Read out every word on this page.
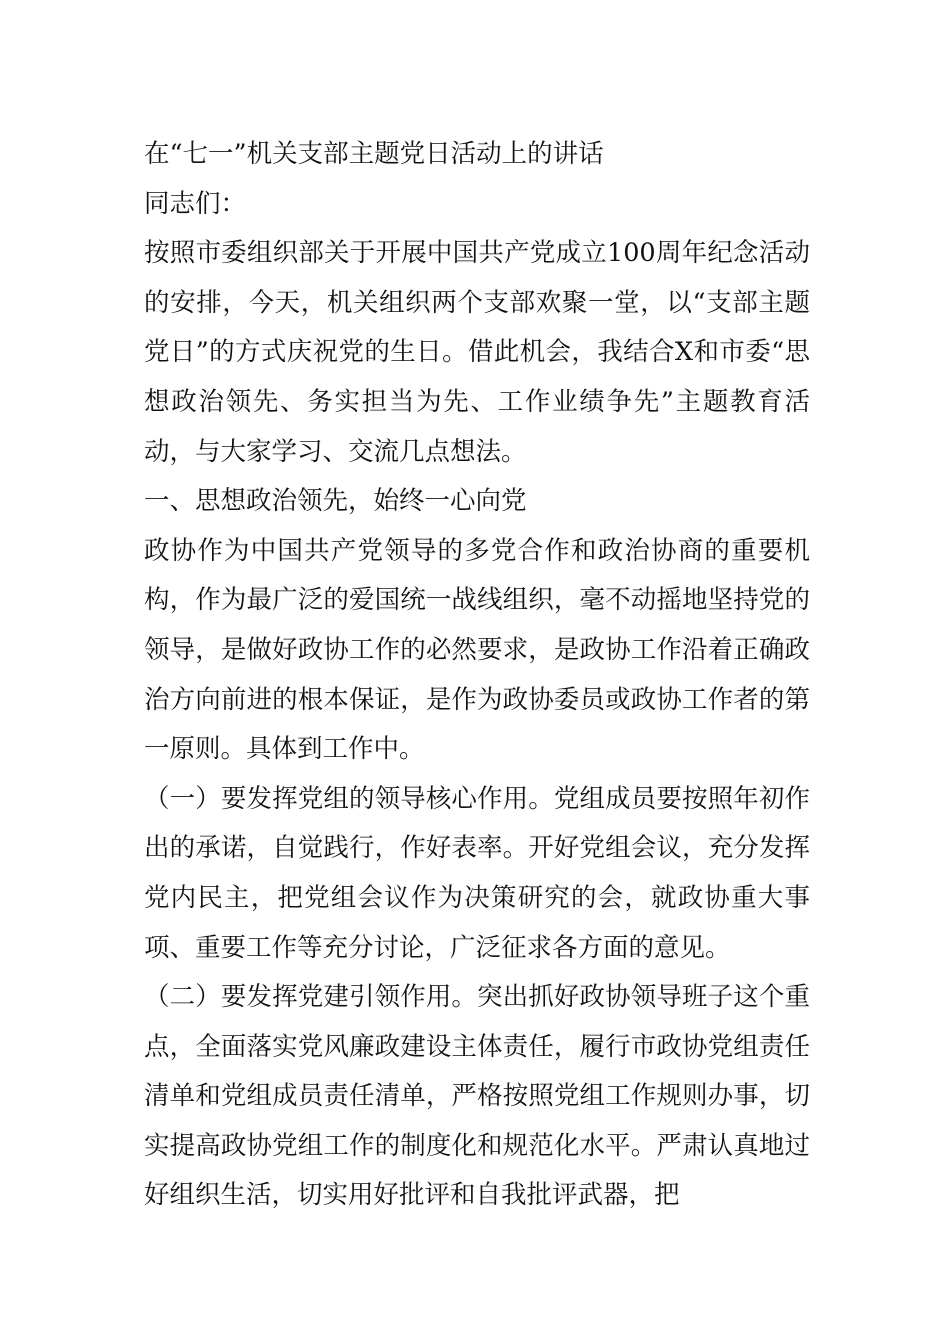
在“七一”机关支部主题党日活动上的讲话

同志们：

按照市委组织部关于开展中国共产党成立100周年纪念活动的安排，今天，机关组织两个支部欢聚一堂，以“支部主题党日”的方式庆祝党的生日。借此机会，我结合X和市委“思想政治领先、务实担当为先、工作业绩争先”主题教育活动，与大家学习、交流几点想法。

一、思想政治领先，始终一心向党

政协作为中国共产党领导的多党合作和政治协商的重要机构，作为最广泛的爱国统一战线组织，毫不动摇地坚持党的领导，是做好政协工作的必然要求，是政协工作沿着正确政治方向前进的根本保证，是作为政协委员或政协工作者的第一原则。具体到工作中。

（一）要发挥党组的领导核心作用。党组成员要按照年初作出的承诺，自觉践行，作好表率。开好党组会议，充分发挥党内民主，把党组会议作为决策研究的会，就政协重大事项、重要工作等充分讨论，广泛征求各方面的意见。

（二）要发挥党建引领作用。突出抓好政协领导班子这个重点，全面落实党风廉政建设主体责任，履行市政协党组责任清单和党组成员责任清单，严格按照党组工作规则办事，切实提高政协党组工作的制度化和规范化水平。严肃认真地过好组织生活，切实用好批评和自我批评武器，把
